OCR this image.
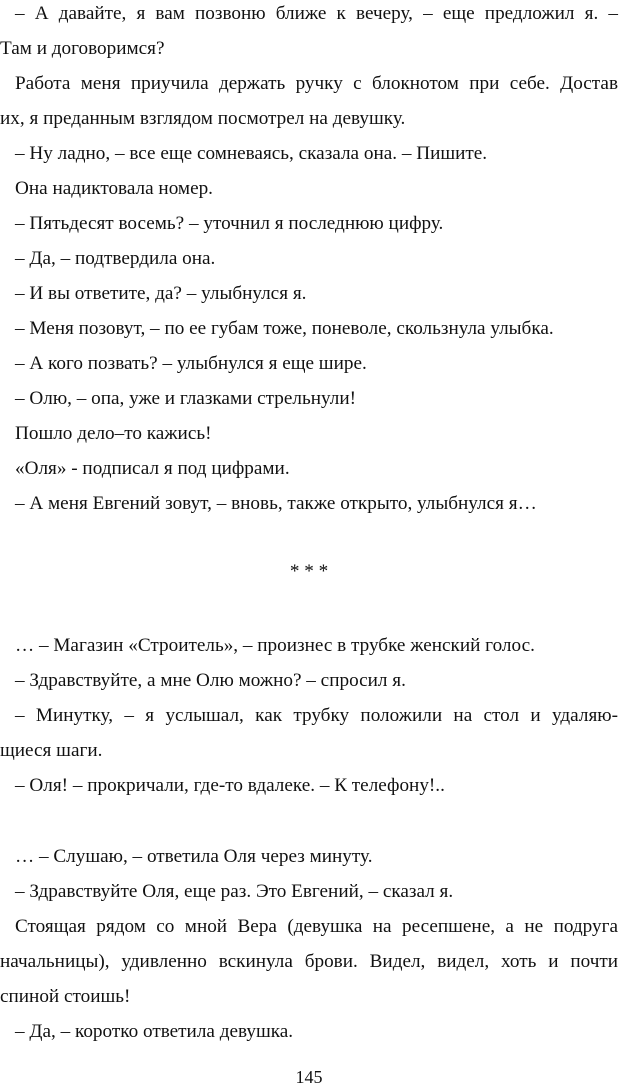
– А давайте, я вам позвоню ближе к вечеру, – еще предложил я. –

Там и договоримся?

Работа меня приучила держать ручку с блокнотом при себе. Достав

их, я преданным взглядом посмотрел на девушку.

– Ну ладно, – все еще сомневаясь, сказала она. – Пишите.

Она надиктовала номер.

– Пятьдесят восемь? – уточнил я последнюю цифру.

– Да, – подтвердила она.

– И вы ответите, да? – улыбнулся я.

– Меня позовут, – по ее губам тоже, поневоле, скользнула улыбка.

– А кого позвать? – улыбнулся я еще шире.

– Олю, – опа, уже и глазками стрельнули!

Пошло дело–то кажись!

«Оля» - подписал я под цифрами.

– А меня Евгений зовут, – вновь, также открыто, улыбнулся я…

* * *

… – Магазин «Строитель», – произнес в трубке женский голос.

– Здравствуйте, а мне Олю можно? – спросил я.

– Минутку, – я услышал, как трубку положили на стол и удаляю-

щиеся шаги.

– Оля! – прокричали, где-то вдалеке. – К телефону!..

… – Слушаю, – ответила Оля через минуту.

– Здравствуйте Оля, еще раз. Это Евгений, – сказал я.

Стоящая рядом со мной Вера (девушка на ресепшене, а не подруга

начальницы), удивленно вскинула брови. Видел, видел, хоть и почти

спиной стоишь!

– Да, – коротко ответила девушка.

145
